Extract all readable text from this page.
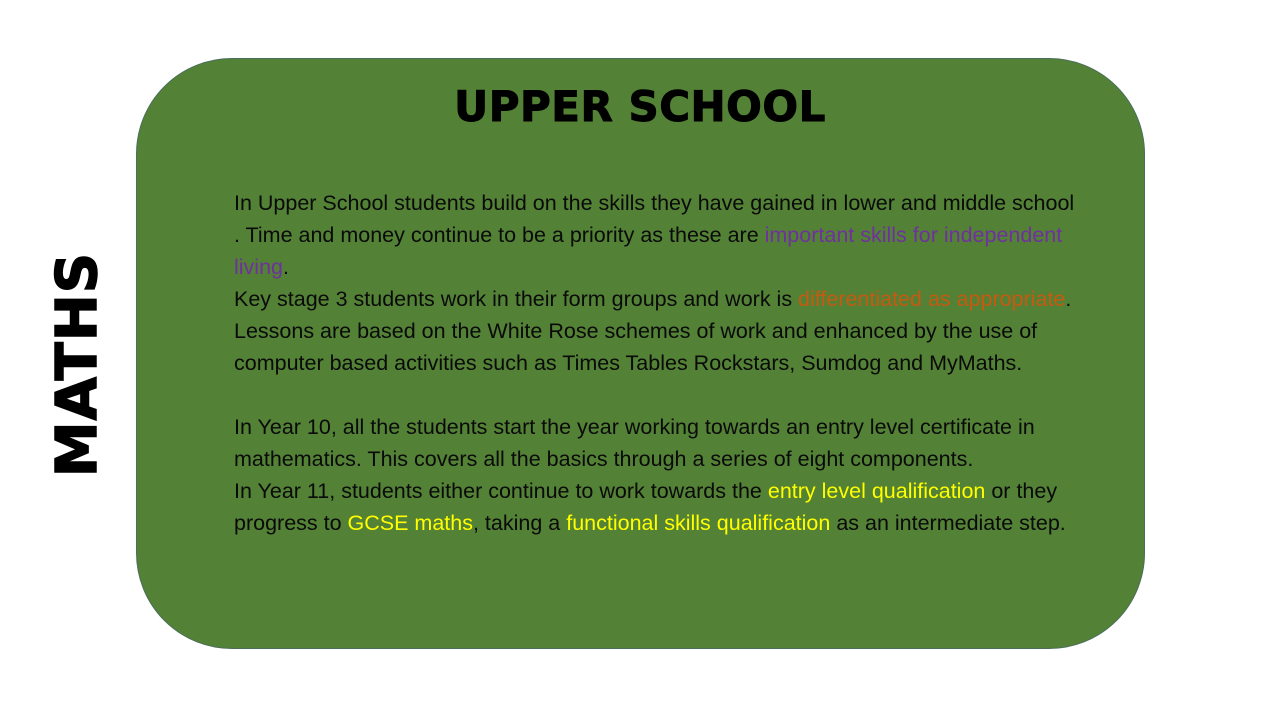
MATHS
UPPER SCHOOL

In Upper School students build on the skills they have gained in lower and middle school . Time and money continue to be a priority as these are important skills for independent living.

Key stage 3 students work in their form groups and work is differentiated as appropriate. Lessons are based on the White Rose schemes of work and enhanced by the use of computer based activities such as Times Tables Rockstars, Sumdog and MyMaths.

In Year 10, all the students start the year working towards an entry level certificate in mathematics. This covers all the basics through a series of eight components.

In Year 11, students either continue to work towards the entry level qualification or they progress to GCSE maths, taking a functional skills qualification as an intermediate step.
